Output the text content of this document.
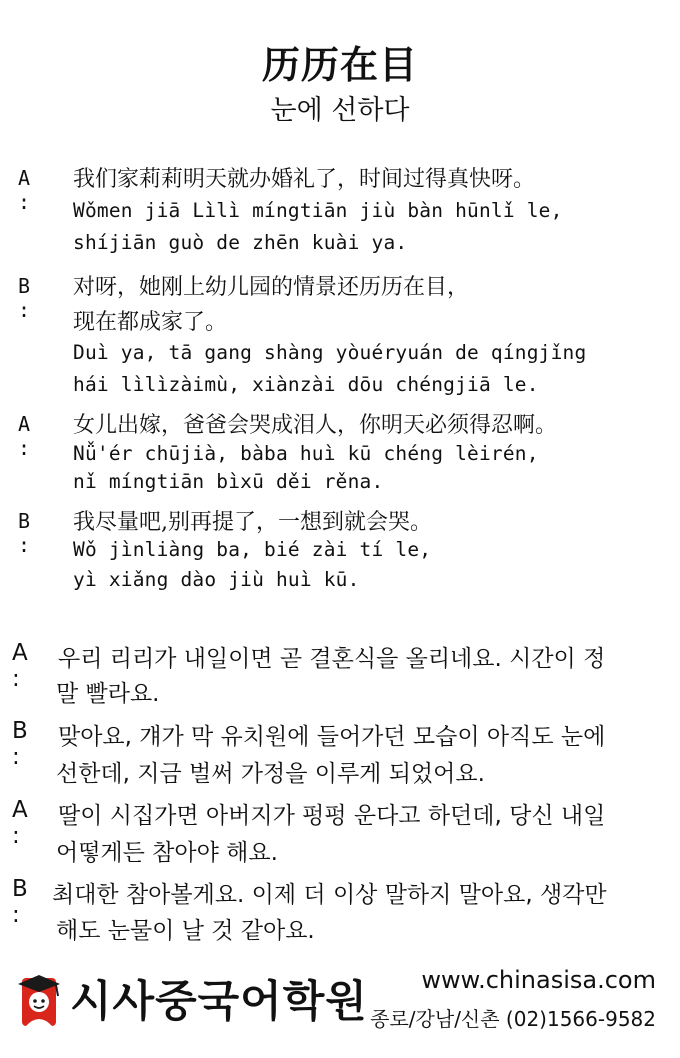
历历在目
눈에 선하다
A :
我们家莉莉明天就办婚礼了，时间过得真快呀。
Wǒmen jiā Lìlì míngtiān jiù bàn hūnlǐ le,
shíjiān guò de zhēn kuài ya.
B :
对呀，她刚上幼儿园的情景还历历在目，
现在都成家了。
Duì ya, tā gang shàng yòuéryuán de qíngjǐng
hái lìlìzàimù, xiànzài dōu chéngjiā le.
A :
女儿出嫁，爸爸会哭成泪人，你明天必须得忍啊。
Nǚ'ér chūjià, bàba huì kū chéng lèirén,
nǐ míngtiān bìxū děi rěna.
B :
我尽量吧,别再提了，一想到就会哭。
Wǒ jìnliàng ba, bié zài tí le,
yì xiǎng dào jiù huì kū.
A :
우리 리리가 내일이면 곧 결혼식을 올리네요. 시간이 정
말 빨라요.
B :
맞아요, 걔가 막 유치원에 들어가던 모습이 아직도 눈에
선한데, 지금 벌써 가정을 이루게 되었어요.
A :
딸이 시집가면 아버지가 펑펑 운다고 하던데, 당신 내일
어떻게든 참아야 해요.
B :
최대한 참아볼게요. 이제 더 이상 말하지 말아요, 생각만
해도 눈물이 날 것 같아요.
시사중국어학원 www.chinasisa.com
종로/강남/신촌 (02)1566-9582
